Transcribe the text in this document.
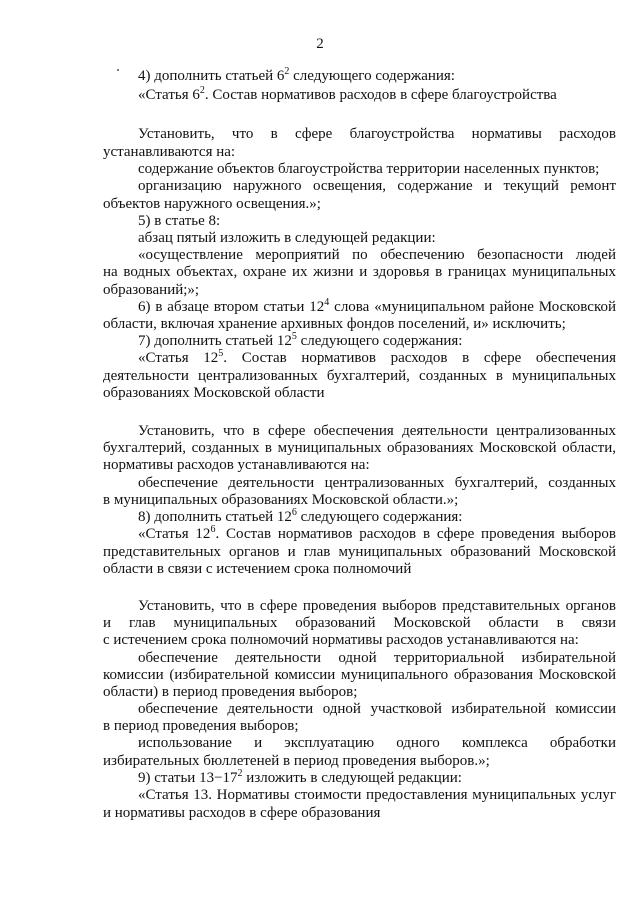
2
4) дополнить статьей $6^2$ следующего содержания:
«Статья $6^2$. Состав нормативов расходов в сфере благоустройства
Установить, что в сфере благоустройства нормативы расходов
устанавливаются на:
содержание объектов благоустройства территории населенных пунктов;
организацию наружного освещения, содержание и текущий ремонт
объектов наружного освещения.»;
5) в статье 8:
абзац пятый изложить в следующей редакции:
«осуществление мероприятий по обеспечению безопасности людей
на водных объектах, охране их жизни и здоровья в границах муниципальных
образований;»;
6) в абзаце втором статьи $12^4$ слова «муниципальном районе Московской
области, включая хранение архивных фондов поселений, и» исключить;
7) дополнить статьей $12^5$ следующего содержания:
«Статья $12^5$. Состав нормативов расходов в сфере обеспечения
деятельности централизованных бухгалтерий, созданных в муниципальных
образованиях Московской области
Установить, что в сфере обеспечения деятельности централизованных
бухгалтерий, созданных в муниципальных образованиях Московской области,
нормативы расходов устанавливаются на:
обеспечение деятельности централизованных бухгалтерий, созданных
в муниципальных образованиях Московской области.»;
8) дополнить статьей $12^6$ следующего содержания:
«Статья $12^6$. Состав нормативов расходов в сфере проведения выборов
представительных органов и глав муниципальных образований Московской
области в связи с истечением срока полномочий
Установить, что в сфере проведения выборов представительных органов
и глав муниципальных образований Московской области в связи
с истечением срока полномочий нормативы расходов устанавливаются на:
обеспечение деятельности одной территориальной избирательной
комиссии (избирательной комиссии муниципального образования Московской
области) в период проведения выборов;
обеспечение деятельности одной участковой избирательной комиссии
в период проведения выборов;
использование и эксплуатацию одного комплекса обработки
избирательных бюллетеней в период проведения выборов.»;
9) статьи $13-17^2$ изложить в следующей редакции:
«Статья 13. Нормативы стоимости предоставления муниципальных услуг
и нормативы расходов в сфере образования
